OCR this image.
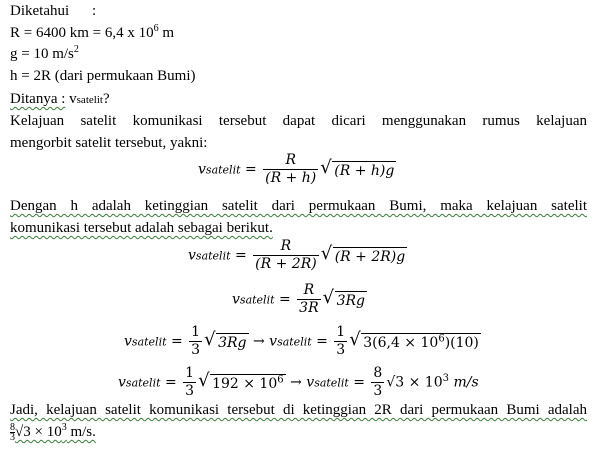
Diketahui :
R = 6400 km = 6,4 x $10^6$ m
g = 10 $m/s^2$
h = 2R (dari permukaan Bumi)
Ditanya : vsatelit?
Kelajuan satelit komunikasi tersebut dapat dicari menggunakan rumus kelajuan
mengorbit satelit tersebut, yakni:
vsatelit = $\frac{R}{(R + h)}$ √ (R + h)g
Dengan h adalah ketinggian satelit dari permukaan Bumi, maka kelajuan satelit
komunikasi tersebut adalah sebagai berikut.
vsatelit = $\frac{R}{(R + 2R)}$ √ (R + 2R)g
vsatelit = $\frac{R}{3R}$ √ 3Rg
vsatelit = $\frac{1}{3}$ √ 3Rg → vsatelit = $\frac{1}{3}$ √ $3(6,4 \times 10^6)(10)$
vsatelit = $\frac{1}{3}$ √ $192 \times 10^6$ → vsatelit = $\frac{8}{3} √3 \times 10^3$ m/s
Jadi, kelajuan satelit komunikasi tersebut di ketinggian 2R dari permukaan Bumi adalah
$\frac{8}{3} √3 \times 10^3$ m/s.
